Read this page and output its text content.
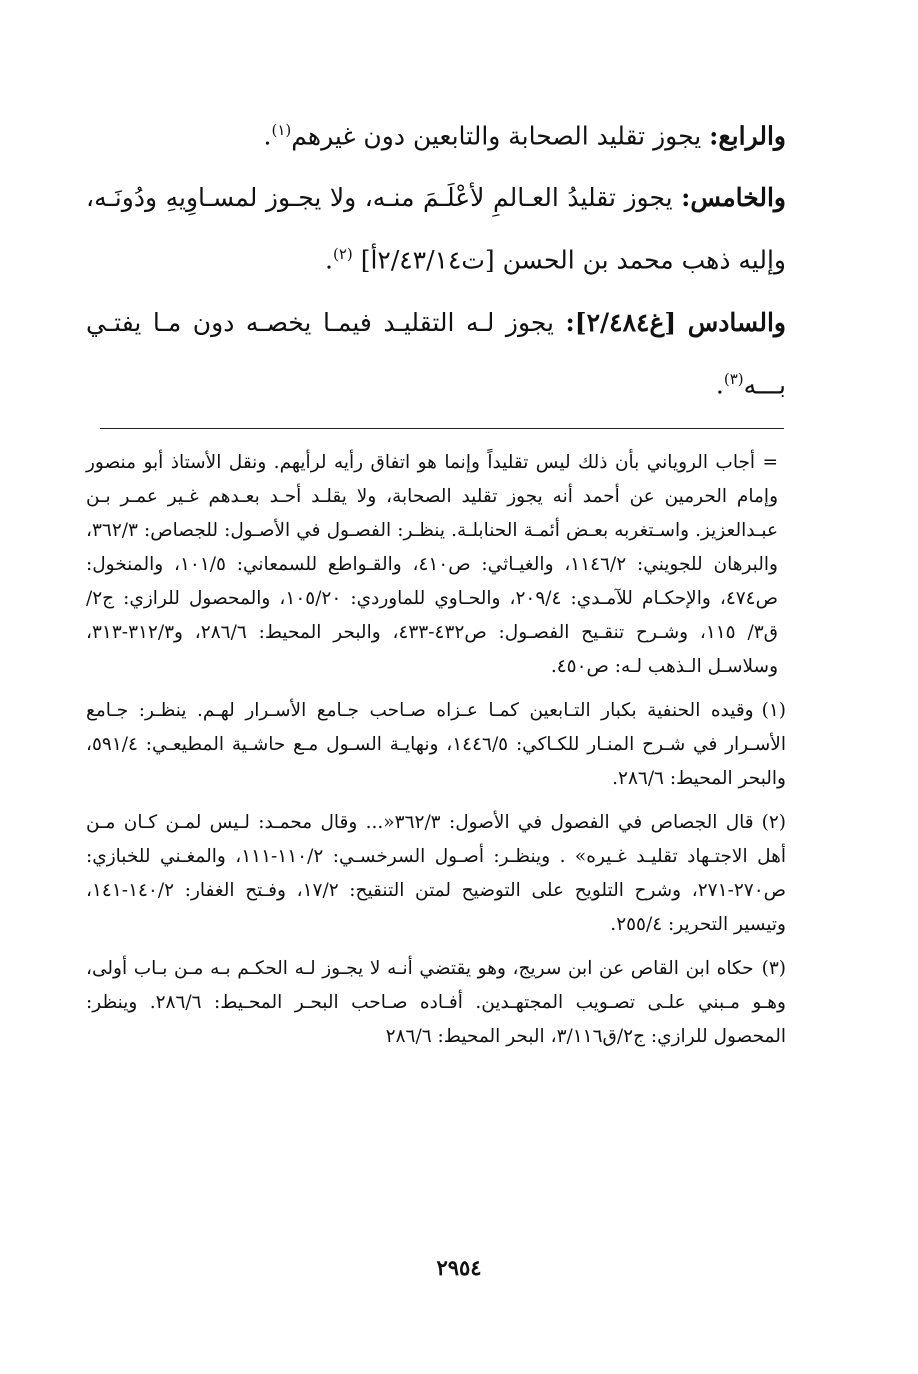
والرابع: يجوز تقليد الصحابة والتابعين دون غيرهم$^{(١)}$.

والخامس: يجوز تقليدُ العـالمِ لأعْلَـمَ منـه، ولا يجـوز لمسـاوِيهِ ودُونَـه، وإليه ذهب محمد بن الحسن [ت٢/٤٣/١٤أ] $^{(٢)}$.

والسادس [غ٢/٤٨٤]: يجوز لـه التقليـد فيمـا يخصـه دون مـا يفتـي بـــه$^{(٣)}$.

= أجاب الروياني بأن ذلك ليس تقليداً وإنما هو اتفاق رأيه لرأيهم. ونقل الأستاذ أبو منصور وإمام الحرمين عن أحمد أنه يجوز تقليد الصحابة، ولا يقلـد أحـد بعـدهم غـير عمـر بـن عبـدالعزيز. واسـتغربه بعـض أئمـة الحنابلـة. ينظـر: الفصـول في الأصـول: للجصاص: ٣٦٢/٣، والبرهان للجويني: ١١٤٦/٢، والغيـاثي: ص٤١٠، والقـواطع للسمعاني: ١٠١/٥، والمنخول: ص٤٧٤، والإحكـام للآمـدي: ٢٠٩/٤، والحـاوي للماوردي: ١٠٥/٢٠، والمحصول للرازي: ج٢/ق٣/ ١١٥، وشـرح تنقـيح الفصـول: ص٤٣٢-٤٣٣، والبحر المحيط: ٢٨٦/٦، و٣١٢/٣-٣١٣، وسلاسـل الـذهب لـه: ص٤٥٠.

(١)وقيده الحنفية بكبار التـابعين كمـا عـزاه صـاحب جـامع الأسـرار لهـم. ينظـر: جـامع الأسـرار في شـرح المنـار للكـاكي: ١٤٤٦/٥، ونهايـة السـول مـع حاشـية المطيعـي: ٥٩١/٤، والبحر المحيط: ٢٨٦/٦.

(٢)قال الجصاص في الفصول في الأصول: ٣٦٢/٣«... وقال محمـد: لـيس لمـن كـان مـن أهل الاجتـهاد تقليـد غـيره» . وينظـر: أصـول السرخسـي: ١١٠/٢-١١١، والمغـني للخبازي: ص٢٧٠-٢٧١، وشرح التلويح على التوضيح لمتن التنقيح: ١٧/٢، وفـتح الغفار: ١٤٠/٢-١٤١، وتيسير التحرير: ٢٥٥/٤.

(٣)حكاه ابن القاص عن ابن سريج، وهو يقتضي أنـه لا يجـوز لـه الحكـم بـه مـن بـاب أولى، وهـو مـبني علـى تصـويب المجتهـدين. أفـاده صـاحب البحـر المحـيط: ٢٨٦/٦. وينظر: المحصول للرازي: ج٢/ق٣/١١٦، البحر المحيط: ٢٨٦/٦

٢٩٥٤
